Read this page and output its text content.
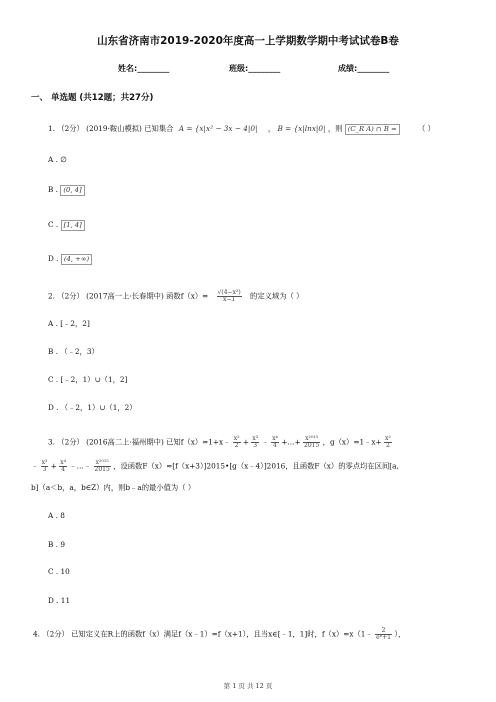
山东省济南市2019-2020年度高一上学期数学期中考试试卷B卷
姓名:________	班级:________	成绩:________
一、 单选题 (共12题；共27分)
1. （2分） (2019·鞍山模拟) 已知集合 A = {x|x² − 3x − 4|0| ， B = {x|lnx|0| ，则 (C_R A) ∩ B =	（ ）
A . ∅
B . (0, 4]
C . [1, 4]
D . (4, +∞)
2. （2分） (2017高一上·长春期中) 函数$f(x)= \frac{\text{√(4−x²)}}{x-1}$ 的定义域为（ ）
A . [﹣2，2]
B . （﹣2，3）
C . [﹣2，1）∪（1，2]
D . （﹣2，1）∪（1，2）
3. （2分） (2016高二上·福州期中) 已知f（x）=1+x﹣ $\frac{\text{x²}}{2} + \frac{\text{x³}}{3}$ ﹣ $\frac{\text{x⁴}}{4}$ +…+ $\frac{\text{x²⁰¹⁵}}{2015}$ ，g（x）=1﹣x+ $\frac{\text{x²}}{2}$
﹣ $\frac{\text{x³}}{3} + \frac{\text{x⁴}}{4}$ ﹣…﹣ $\frac{\text{x²⁰¹⁵}}{2015}$ ，设函数F（x）=[f（x+3）]2015•[g（x﹣4）]2016，且函数F（x）的零点均在区间[a,
b]（a＜b，a，b∈Z）内，则b﹣a的最小值为（ ）
A . 8
B . 9
C . 10
D . 11
4. （2分） 已知定义在R上的函数f（x）满足f（x﹣1）=f（x+1），且当x∈[﹣1，1]时，f（x）=x（1﹣ $\frac{2}{\text{eˣ+1}}$ ），
第 1 页 共 12 页
